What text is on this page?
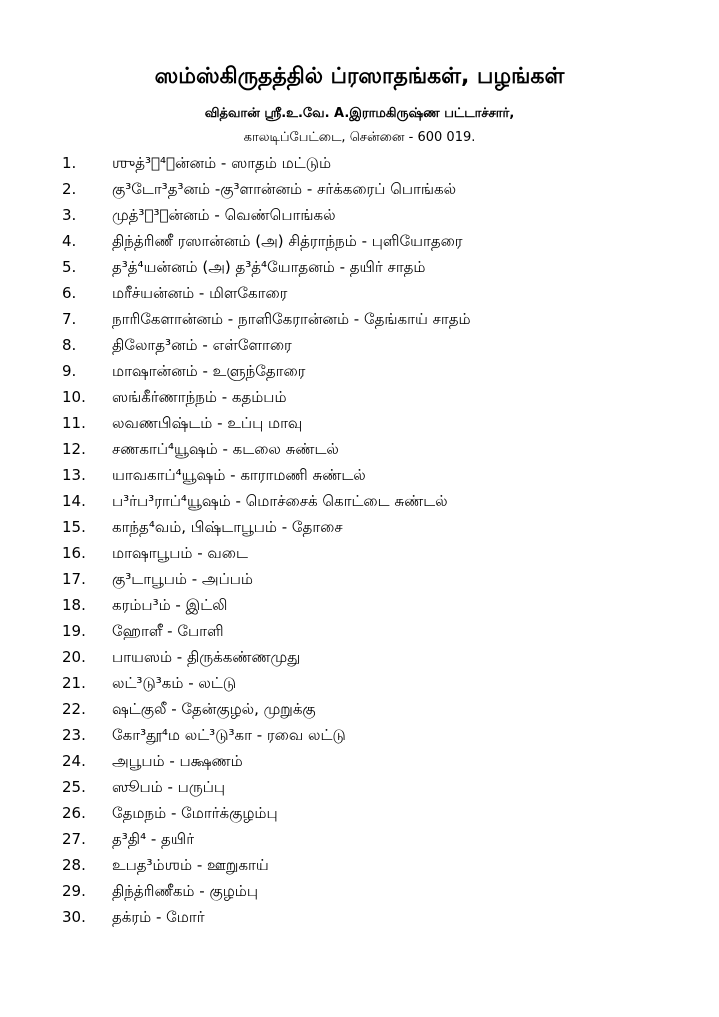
ஸம்ஸ்கிருதத்தில் ப்ரஸாதங்கள், பழங்கள்
வித்வான் ஸ்ரீ.உ.வே. A.இராமகிருஷ்ண பட்டாச்சார்,
காலடிப்பேட்டை, சென்னை - 600 019.
1. ஶுத்³த⁴ான்னம் - ஸாதம் மட்டும்
2. கு³டோ³த³னம் -கு³ளான்னம் - சர்க்கரைப் பொங்கல்
3. முத்³க³ான்னம் - வெண்பொங்கல்
4. திந்த்ரிணீ ரஸான்னம் (அ) சித்ராந்நம் - புளியோதரை
5. த³த்⁴யன்னம் (அ) த³த்⁴யோதனம் - தயிர் சாதம்
6. மரீச்யன்னம் - மிளகோரை
7. நாரிகேளான்னம் - நாளிகேரான்னம் - தேங்காய் சாதம்
8. திலோத³னம் - எள்ளோரை
9. மாஷான்னம் - உளுந்தோரை
10. ஸங்கீர்ணாந்நம் - கதம்பம்
11. லவணபிஷ்டம் - உப்பு மாவு
12. சணகாப்⁴யூஷம் - கடலை சுண்டல்
13. யாவகாப்⁴யூஷம் - காராமணி சுண்டல்
14. ப³ர்ப³ராப்⁴யூஷம் - மொச்சைக் கொட்டை சுண்டல்
15. காந்த⁴வம், பிஷ்டாபூபம் - தோசை
16. மாஷாபூபம் - வடை
17. கு³டாபூபம் - அப்பம்
18. கரம்ப³ம் - இட்லி
19. ஹோளீ - போளி
20. பாயஸம் - திருக்கண்ணமுது
21. லட்³டு³கம் - லட்டு
22. ஷட்குலீ - தேன்குழல், முறுக்கு
23. கோ³தூ⁴ம லட்³டு³கா - ரவை லட்டு
24. அபூபம் - பக்ஷணம்
25. ஸூபம் - பருப்பு
26. தேமநம் - மோர்க்குழம்பு
27. த³தி⁴ - தயிர்
28. உபத³ம்ஶம் - ஊறுகாய்
29. திந்த்ரிணீகம் - குழம்பு
30. தக்ரம் - மோர்
